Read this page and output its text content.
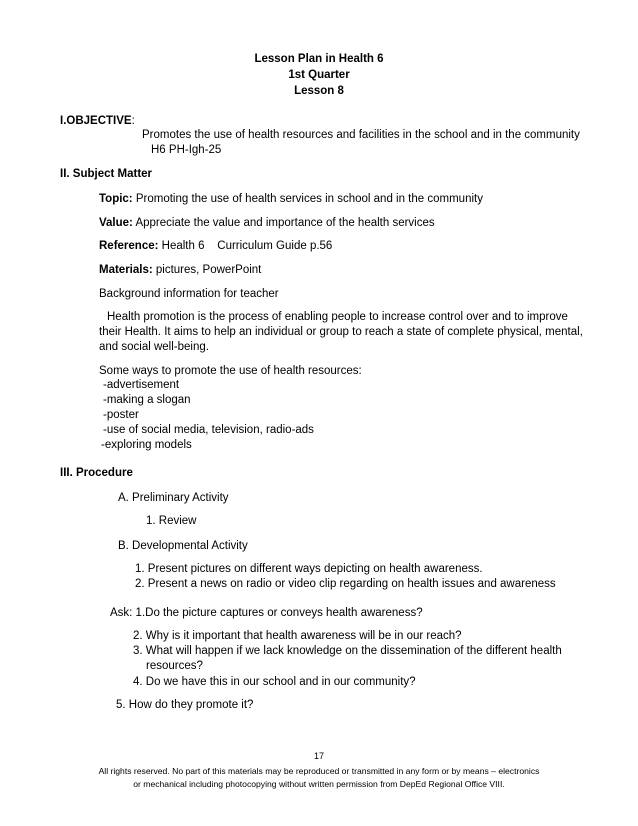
Lesson Plan in Health 6
1st Quarter
Lesson 8
I.OBJECTIVE:
Promotes the use of health resources and facilities in the school and in the community
H6 PH-Igh-25
II. Subject Matter
Topic: Promoting the use of health services in school and in the community
Value: Appreciate the value and importance of the health services
Reference: Health 6    Curriculum Guide p.56
Materials: pictures, PowerPoint
Background information for teacher
Health promotion is the process of enabling people to increase control over and to improve
their Health. It aims to help an individual or group to reach a state of complete physical, mental,
and social well-being.
Some ways to promote the use of health resources:
-advertisement
-making a slogan
-poster
-use of social media, television, radio-ads
-exploring models
III. Procedure
A. Preliminary Activity
1. Review
B. Developmental Activity
1. Present pictures on different ways depicting on health awareness.
2. Present a news on radio or video clip regarding on health issues and awareness
Ask: 1.Do the picture captures or conveys health awareness?
2. Why is it important that health awareness will be in our reach?
3. What will happen if we lack knowledge on the dissemination of the different health
resources?
4. Do we have this in our school and in our community?
5. How do they promote it?
17
All rights reserved. No part of this materials may be reproduced or transmitted in any form or by means – electronics
or mechanical including photocopying without written permission from DepEd Regional Office VIII.
